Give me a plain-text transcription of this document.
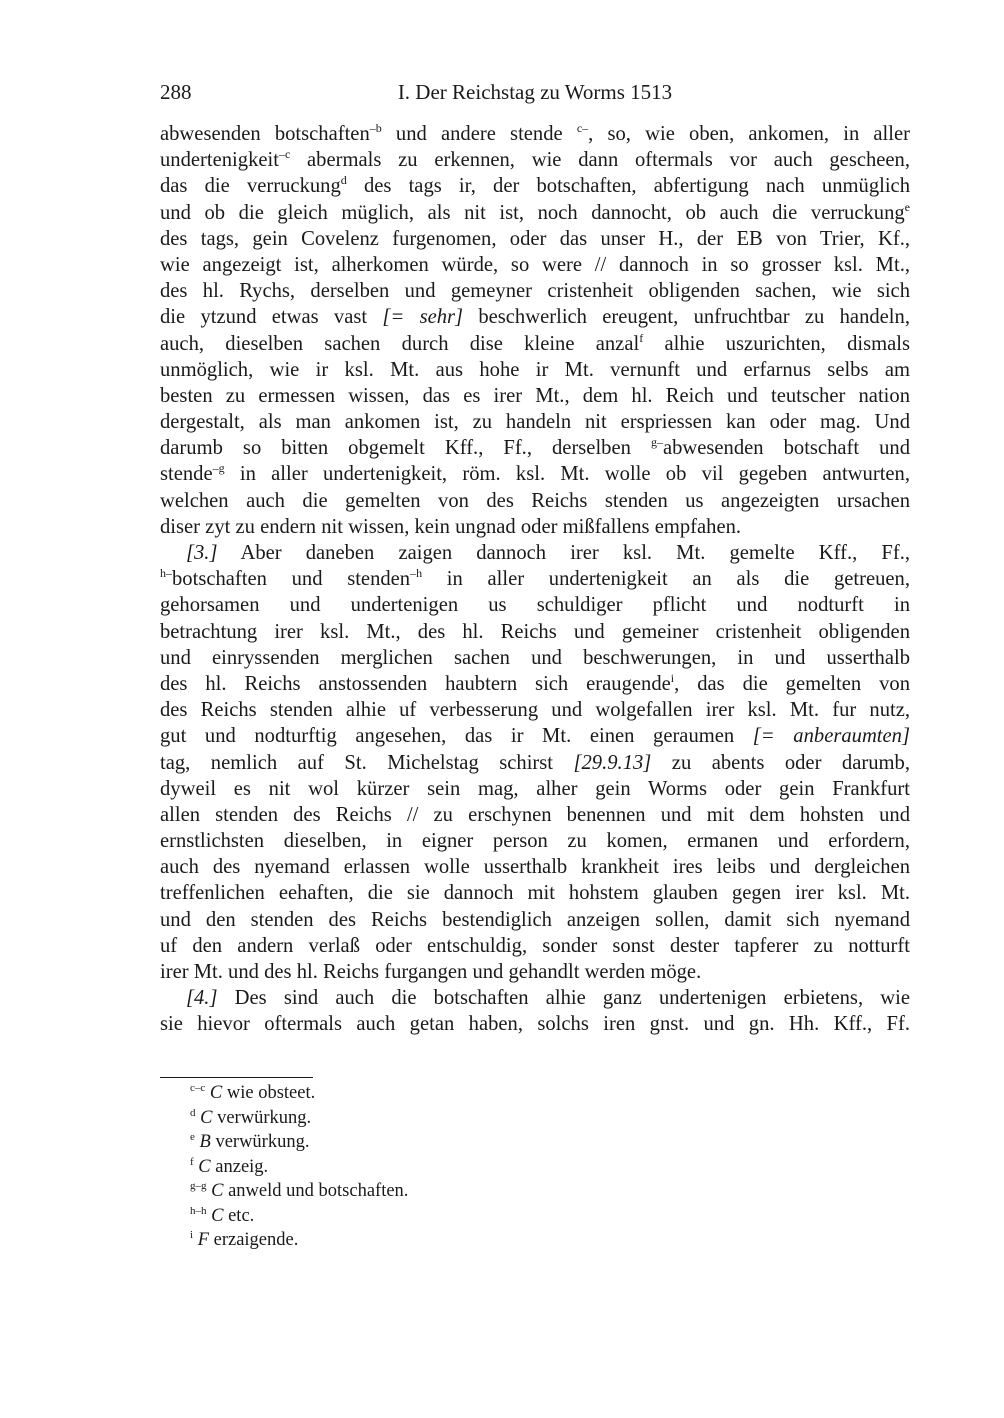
288	I. Der Reichstag zu Worms 1513
abwesenden botschaften$^{-b}$ und andere stende $^{c-}$, so, wie oben, ankomen, in aller
undertenigkeit$^{-c}$ abermals zu erkennen, wie dann oftermals vor auch gescheen,
das die verruckung$^d$ des tags ir, der botschaften, abfertigung nach unmüglich
und ob die gleich müglich, als nit ist, noch dannocht, ob auch die verruckung$^e$
des tags, gein Covelenz furgenomen, oder das unser H., der EB von Trier, Kf.,
wie angezeigt ist, alherkomen würde, so were // dannoch in so grosser ksl. Mt.,
des hl. Rychs, derselben und gemeyner cristenheit obligenden sachen, wie sich
die ytzund etwas vast [= sehr] beschwerlich ereugent, unfruchtbar zu handeln,
auch, dieselben sachen durch dise kleine anzal$^f$ alhie uszurichten, dismals
unmöglich, wie ir ksl. Mt. aus hohe ir Mt. vernunft und erfarnus selbs am
besten zu ermessen wissen, das es irer Mt., dem hl. Reich und teutscher nation
dergestalt, als man ankomen ist, zu handeln nit erspriessen kan oder mag. Und
darumb so bitten obgemelt Kff., Ff., derselben $^{g-}$abwesenden botschaft und
stende$^{-g}$ in aller undertenigkeit, röm. ksl. Mt. wolle ob vil gegeben antwurten,
welchen auch die gemelten von des Reichs stenden us angezeigten ursachen
diser zyt zu endern nit wissen, kein ungnad oder mißfallens empfahen.
[3.] Aber daneben zaigen dannoch irer ksl. Mt. gemelte Kff., Ff.,
$^{h-}$botschaften und stenden$^{-h}$ in aller undertenigkeit an als die getreuen,
gehorsamen und undertenigen us schuldiger pflicht und nodturft in
betrachtung irer ksl. Mt., des hl. Reichs und gemeiner cristenheit obligenden
und einryssenden merglichen sachen und beschwerungen, in und usserthalb
des hl. Reichs anstossenden haubtern sich eraugende$^i$, das die gemelten von
des Reichs stenden alhie uf verbesserung und wolgefallen irer ksl. Mt. fur nutz,
gut und nodturftig angesehen, das ir Mt. einen geraumen [= anberaumten]
tag, nemlich auf St. Michelstag schirst [29.9.13] zu abents oder darumb,
dyweil es nit wol kürzer sein mag, alher gein Worms oder gein Frankfurt
allen stenden des Reichs // zu erschynen benennen und mit dem hohsten und
ernstlichsten dieselben, in eigner person zu komen, ermanen und erfordern,
auch des nyemand erlassen wolle usserthalb krankheit ires leibs und dergleichen
treffenlichen eehaften, die sie dannoch mit hohstem glauben gegen irer ksl. Mt.
und den stenden des Reichs bestendiglich anzeigen sollen, damit sich nyemand
uf den andern verlaß oder entschuldig, sonder sonst dester tapferer zu notturft
irer Mt. und des hl. Reichs furgangen und gehandlt werden möge.
[4.] Des sind auch die botschaften alhie ganz undertenigen erbietens, wie
sie hievor oftermals auch getan haben, solchs iren gnst. und gn. Hh. Kff., Ff.
$^{c-c}$ C wie obsteet.
$^d$ C verwürkung.
$^e$ B verwürkung.
$^f$ C anzeig.
$^{g-g}$ C anweld und botschaften.
$^{h-h}$ C etc.
$^i$ F erzaigende.
